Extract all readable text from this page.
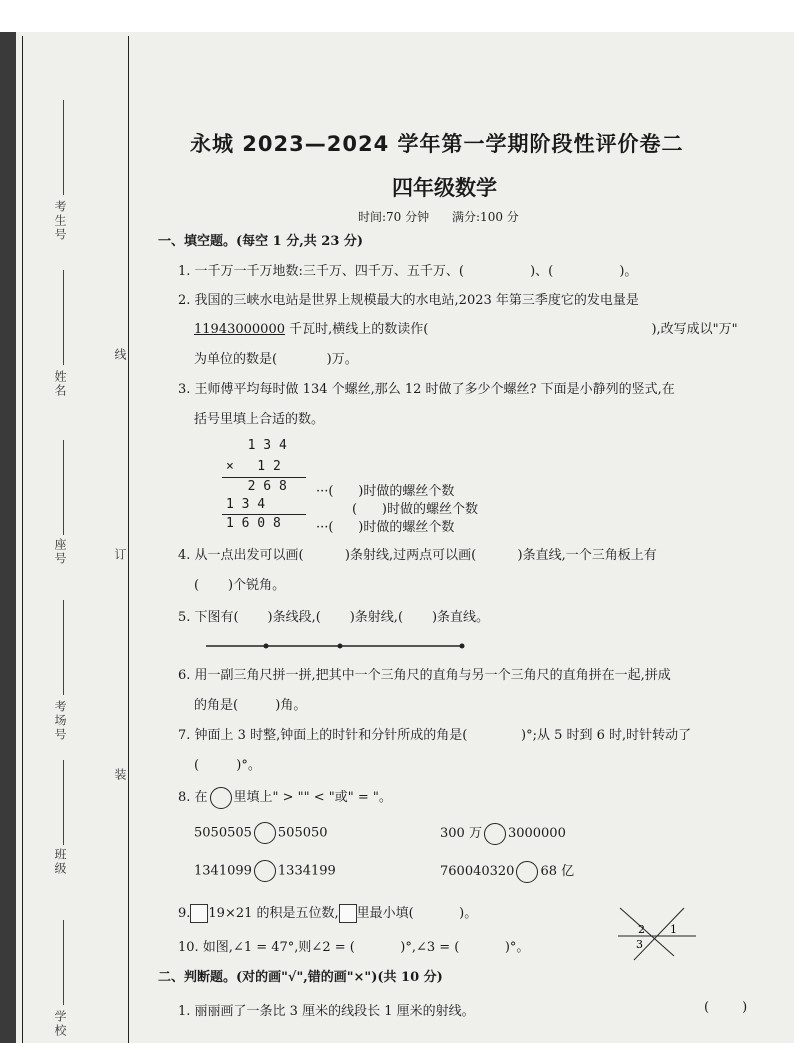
考生号
姓名
座号
考场号
班级
学校
线
订
装
永城 2023—2024 学年第一学期阶段性评价卷二
四年级数学
时间:70 分钟      满分:100 分
一、填空题。(每空 1 分,共 23 分)
1. 一千万一千万地数:三千万、四千万、五千万、(                )、(                )。
2. 我国的三峡水电站是世界上规模最大的水电站,2023 年第三季度它的发电量是
11943000000 千瓦时,横线上的数读作(                                                      ),改写成以"万"
为单位的数是(            )万。
3. 王师傅平均每时做 134 个螺丝,那么 12 时做了多少个螺丝? 下面是小静列的竖式,在
括号里填上合适的数。
1 3 4
×   1 2
2 6 8
1 3 4
1 6 0 8
···(      )时做的螺丝个数
(      )时做的螺丝个数
···(      )时做的螺丝个数
4. 从一点出发可以画(          )条射线,过两点可以画(          )条直线,一个三角板上有
(       )个锐角。
5. 下图有(       )条线段,(       )条射线,(       )条直线。
6. 用一副三角尺拼一拼,把其中一个三角尺的直角与另一个三角尺的直角拼在一起,拼成
的角是(         )角。
7. 钟面上 3 时整,钟面上的时针和分针所成的角是(             )°;从 5 时到 6 时,时针转动了
(         )°。
8. 在 里填上" > "" < "或" = "。
5050505 505050	300 万 3000000
1341099 1334199	760040320 68 亿
9. 19×21 的积是五位数, 里最小填(           )。
10. 如图,∠1 = 47°,则∠2 = (           )°,∠3 = (           )°。
2 1
3
二、判断题。(对的画"√",错的画"×")(共 10 分)
1. 丽丽画了一条比 3 厘米的线段长 1 厘米的射线。	(        )
